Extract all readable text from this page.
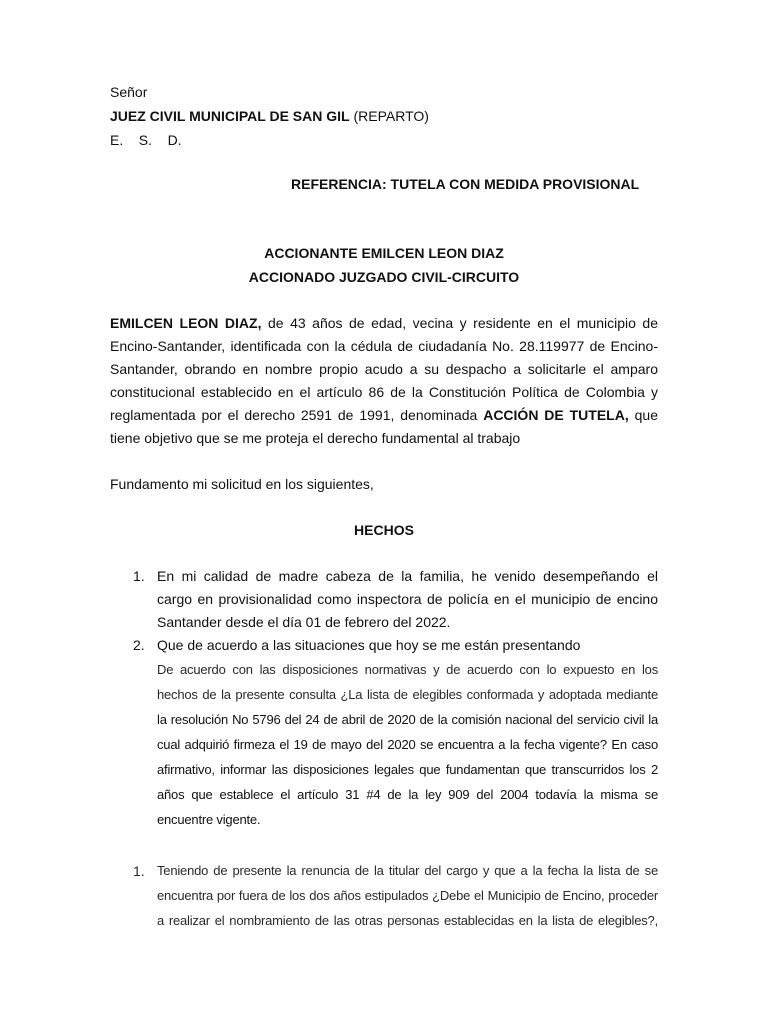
Señor
JUEZ CIVIL MUNICIPAL DE SAN GIL (REPARTO)
E.    S.    D.
REFERENCIA: TUTELA CON MEDIDA PROVISIONAL
ACCIONANTE EMILCEN LEON DIAZ
ACCIONADO JUZGADO CIVIL-CIRCUITO
EMILCEN LEON DIAZ, de 43 años de edad, vecina y residente en el municipio de
Encino-Santander, identificada con la cédula de ciudadanía No. 28.119977 de Encino-
Santander, obrando en nombre propio acudo a su despacho a solicitarle el amparo
constitucional establecido en el artículo 86 de la Constitución Política de Colombia y
reglamentada por el derecho 2591 de 1991, denominada ACCIÓN DE TUTELA, que
tiene objetivo que se me proteja el derecho fundamental al trabajo
Fundamento mi solicitud en los siguientes,
HECHOS
1. En mi calidad de madre cabeza de la familia, he venido desempeñando el
cargo en provisionalidad como inspectora de policía en el municipio de encino
Santander desde el día 01 de febrero del 2022.
2. Que de acuerdo a las situaciones que hoy se me están presentando
De acuerdo con las disposiciones normativas y de acuerdo con lo expuesto en los
hechos de la presente consulta ¿La lista de elegibles conformada y adoptada mediante
la resolución No 5796 del 24 de abril de 2020 de la comisión nacional del servicio civil la
cual adquirió firmeza el 19 de mayo del 2020 se encuentra a la fecha vigente? En caso
afirmativo, informar las disposiciones legales que fundamentan que transcurridos los 2
años que establece el artículo 31 #4 de la ley 909 del 2004 todavía la misma se
encuentre vigente.
1. Teniendo de presente la renuncia de la titular del cargo y que a la fecha la lista de se
encuentra por fuera de los dos años estipulados ¿Debe el Municipio de Encino, proceder
a realizar el nombramiento de las otras personas establecidas en la lista de elegibles?,
